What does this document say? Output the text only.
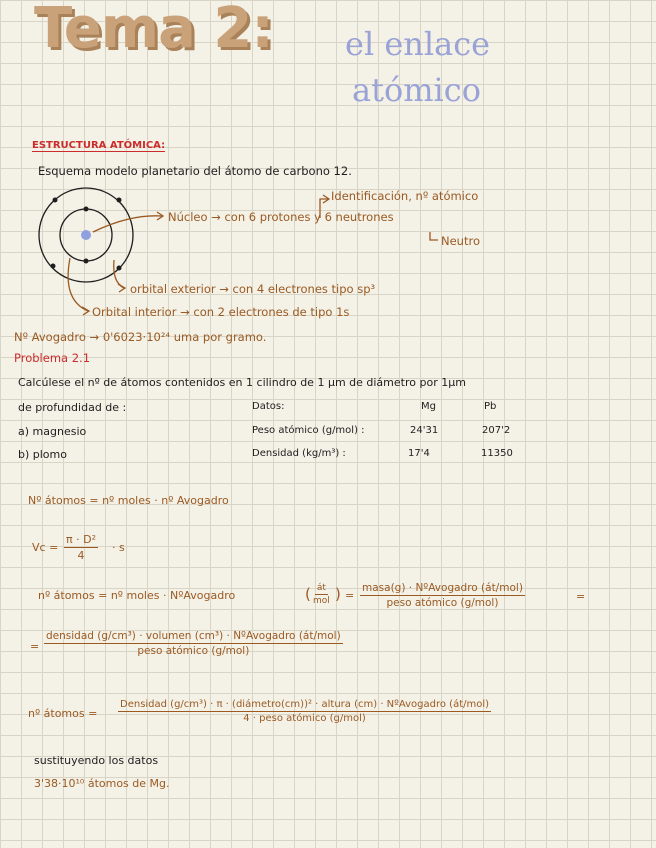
Tema 2: el enlace
atómico
ESTRUCTURA ATÓMICA:
Esquema modelo planetario del átomo de carbono 12.
Identificación, nº atómico
Núcleo → con 6 protones y 6 neutrones
Neutro
orbital exterior → con 4 electrones tipo sp³
Orbital interior → con 2 electrones de tipo 1s
Nº Avogadro → 0'6023·10²⁴ uma por gramo.
Problema 2.1
Calcúlese el nº de átomos contenidos en 1 cilindro de 1 μm de diámetro por 1μm
de profundidad de :
a) magnesio
b) plomo
Datos:	Mg	Pb
Peso atómico (g/mol) :	24'31	207'2
Densidad (kg/m³) :	17'4	11350
Nº átomos = nº moles · nº Avogadro
$Vc = \frac{\text{π · D²}}{4} \cdot s$
nº átomos = nº moles · NºAvogadro	( át
mol ) =
masa(g) · NºAvogadro (át/mol)
peso atómico (g/mol)	=
=
densidad (g/cm³) · volumen (cm³) · NºAvogadro (át/mol)
peso atómico (g/mol)
nº átomos =
Densidad (g/cm³) · π · (diámetro(cm))² · altura (cm) · NºAvogadro (át/mol)
4 · peso atómico (g/mol)
sustituyendo los datos
3'38·10¹⁰ átomos de Mg.
